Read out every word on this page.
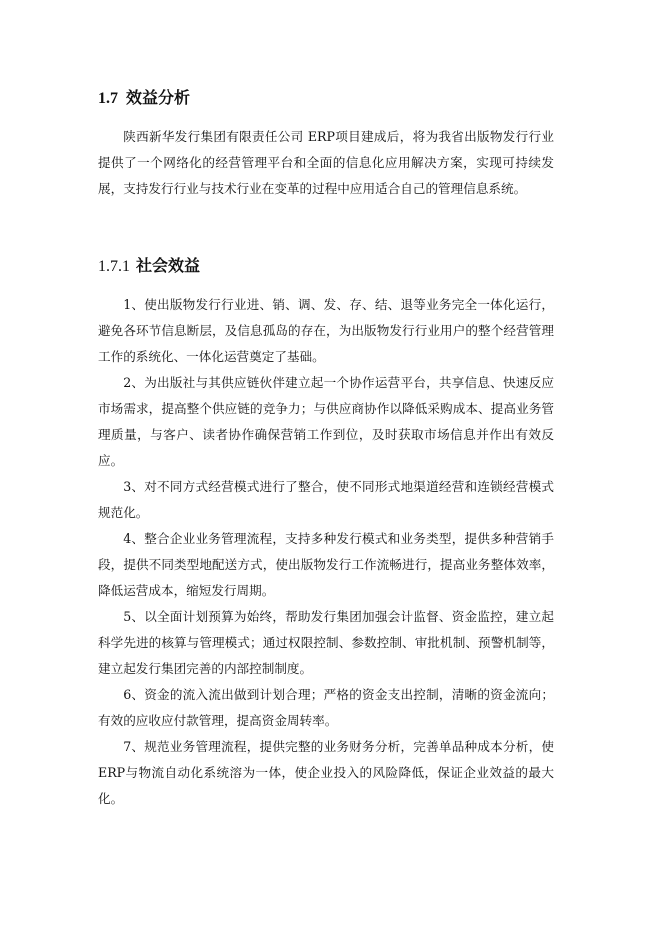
1.7 效益分析

陕西新华发行集团有限责任公司 ERP项目建成后，将为我省出版物发行行业提供了一个网络化的经营管理平台和全面的信息化应用解决方案，实现可持续发展，支持发行行业与技术行业在变革的过程中应用适合自己的管理信息系统。

1.7.1 社会效益

1、使出版物发行行业进、销、调、发、存、结、退等业务完全一体化运行，避免各环节信息断层，及信息孤岛的存在，为出版物发行行业用户的整个经营管理工作的系统化、一体化运营奠定了基础。

2、为出版社与其供应链伙伴建立起一个协作运营平台，共享信息、快速反应市场需求，提高整个供应链的竞争力；与供应商协作以降低采购成本、提高业务管理质量，与客户、读者协作确保营销工作到位，及时获取市场信息并作出有效反应。

3、对不同方式经营模式进行了整合，使不同形式地渠道经营和连锁经营模式规范化。

4、整合企业业务管理流程，支持多种发行模式和业务类型，提供多种营销手段，提供不同类型地配送方式，使出版物发行工作流畅进行，提高业务整体效率，降低运营成本，缩短发行周期。

5、以全面计划预算为始终，帮助发行集团加强会计监督、资金监控，建立起科学先进的核算与管理模式；通过权限控制、参数控制、审批机制、预警机制等，建立起发行集团完善的内部控制制度。

6、资金的流入流出做到计划合理；严格的资金支出控制，清晰的资金流向；有效的应收应付款管理，提高资金周转率。

7、规范业务管理流程，提供完整的业务财务分析，完善单品种成本分析，使 ERP与物流自动化系统溶为一体，使企业投入的风险降低，保证企业效益的最大化。
